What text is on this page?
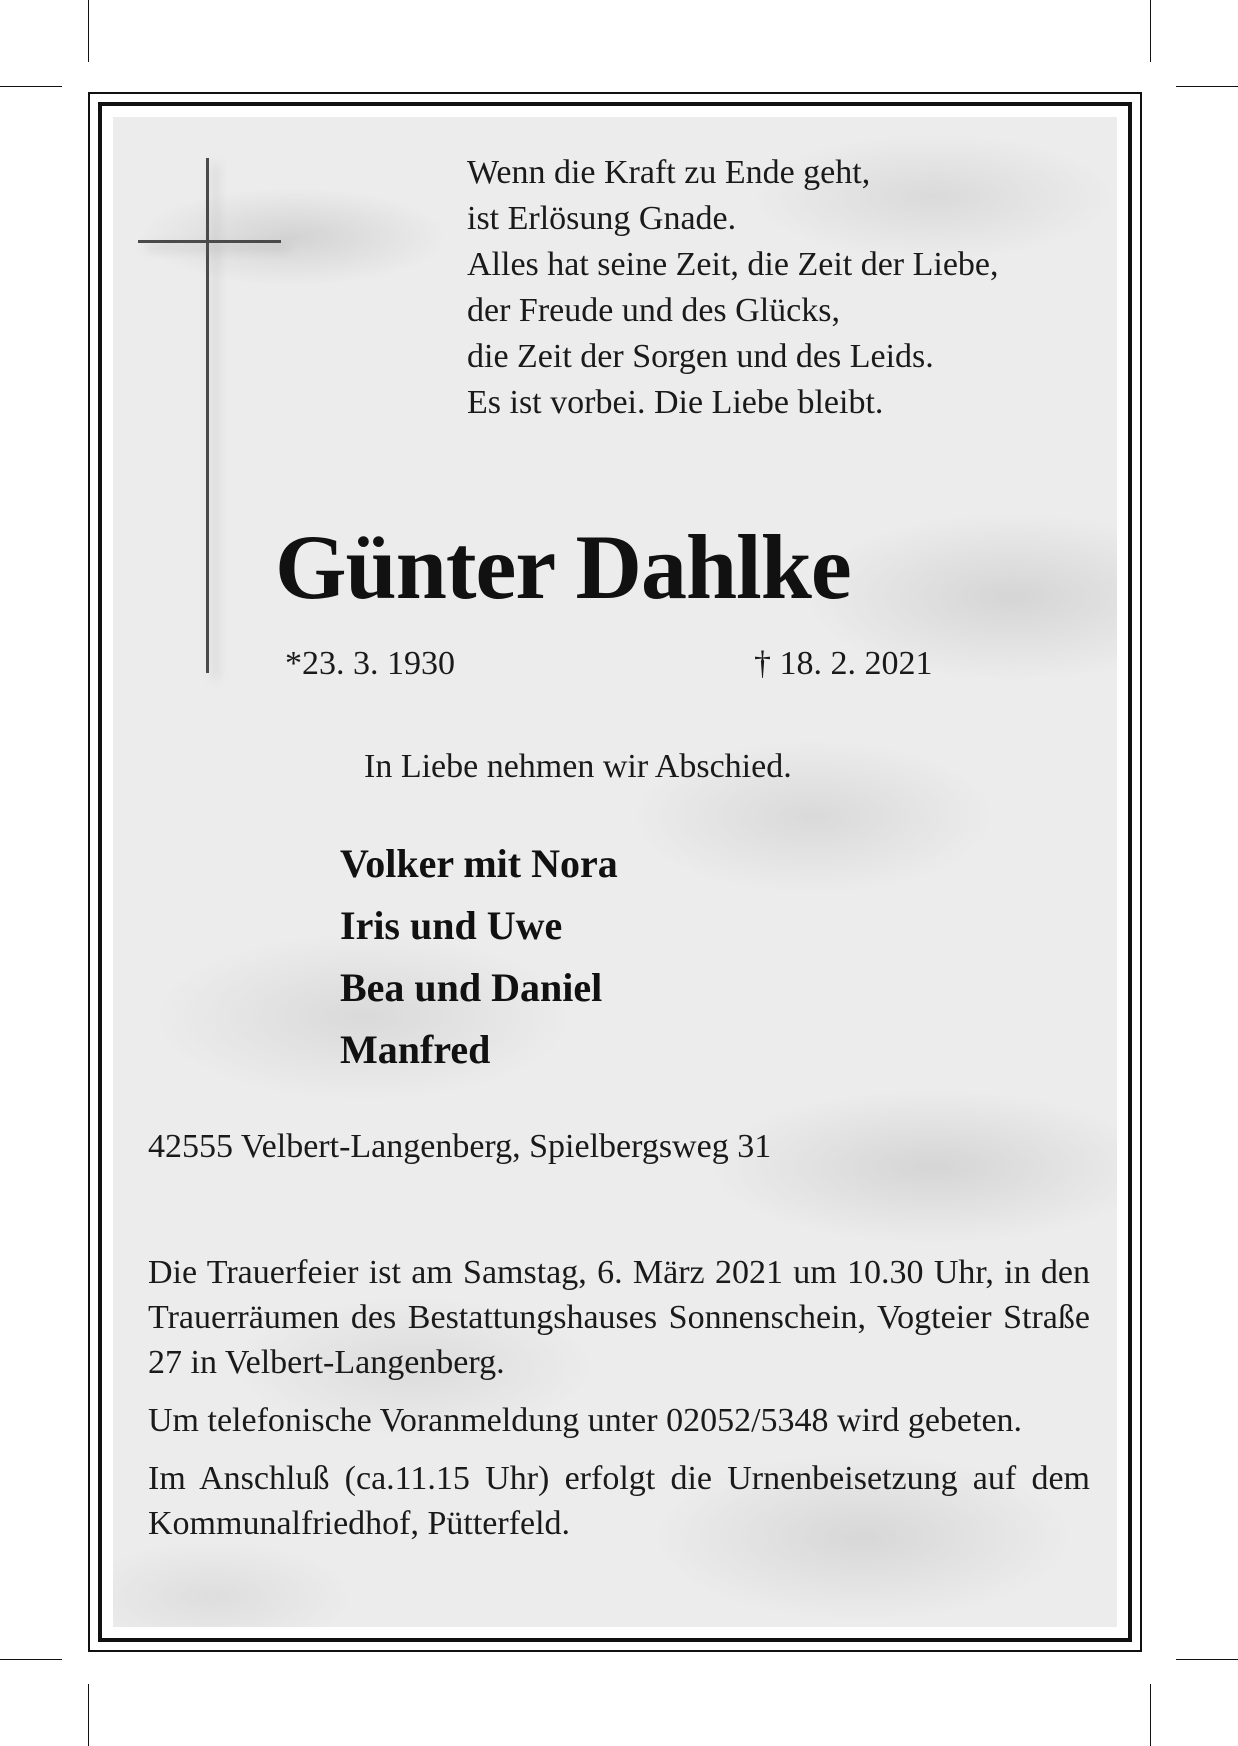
Wenn die Kraft zu Ende geht,
ist Erlösung Gnade.
Alles hat seine Zeit, die Zeit der Liebe,
der Freude und des Glücks,
die Zeit der Sorgen und des Leids.
Es ist vorbei. Die Liebe bleibt.
Günter Dahlke
*23. 3. 1930	† 18. 2. 2021
In Liebe nehmen wir Abschied.
Volker mit Nora
Iris und Uwe
Bea und Daniel
Manfred
42555 Velbert-Langenberg, Spielbergsweg 31

Die Trauerfeier ist am Samstag, 6. März 2021 um 10.30 Uhr, in den Trauerräumen des Bestattungshauses Sonnenschein, Vogteier Straße 27 in Velbert-Langenberg.

Um telefonische Voranmeldung unter 02052/5348 wird gebeten.

Im Anschluß (ca.11.15 Uhr) erfolgt die Urnenbeisetzung auf dem Kommunalfriedhof, Pütterfeld.
